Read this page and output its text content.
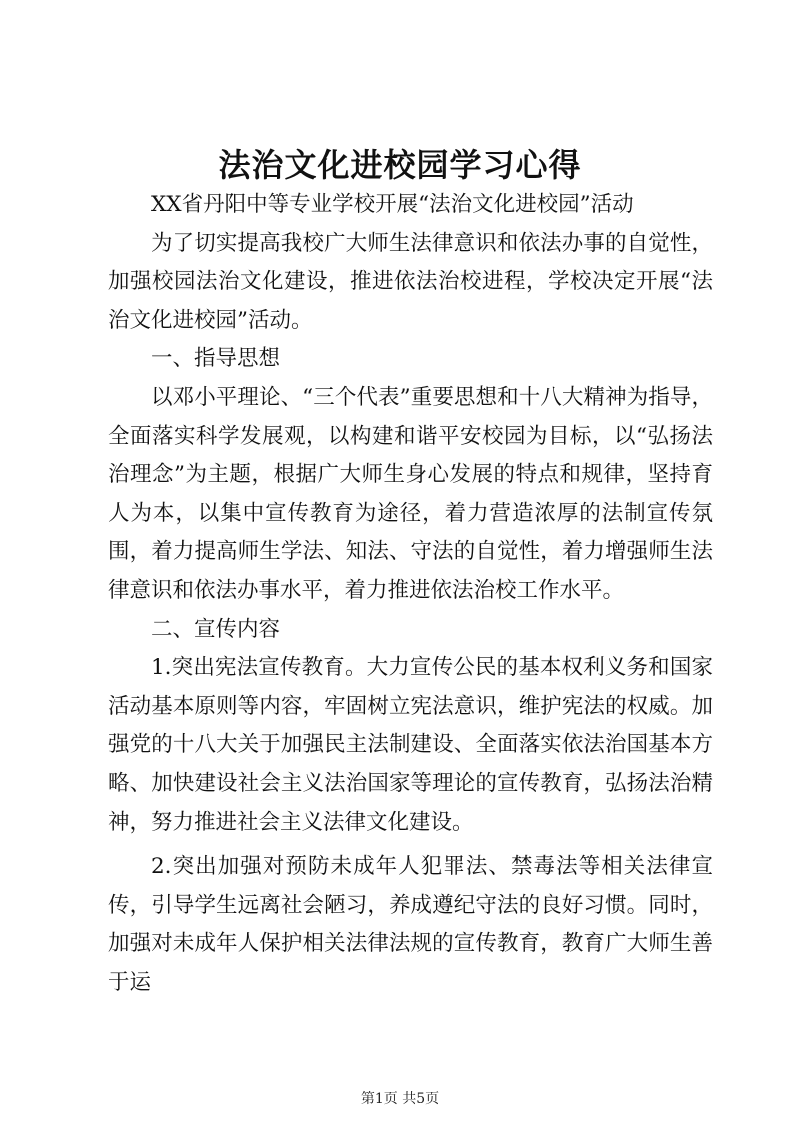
法治文化进校园学习心得

XX省丹阳中等专业学校开展“法治文化进校园”活动

为了切实提高我校广大师生法律意识和依法办事的自觉性，加强校园法治文化建设，推进依法治校进程，学校决定开展“法治文化进校园”活动。

一、指导思想

以邓小平理论、“三个代表”重要思想和十八大精神为指导，全面落实科学发展观，以构建和谐平安校园为目标，以“弘扬法治理念”为主题，根据广大师生身心发展的特点和规律，坚持育人为本，以集中宣传教育为途径，着力营造浓厚的法制宣传氛围，着力提高师生学法、知法、守法的自觉性，着力增强师生法律意识和依法办事水平，着力推进依法治校工作水平。

二、宣传内容

1.突出宪法宣传教育。大力宣传公民的基本权利义务和国家活动基本原则等内容，牢固树立宪法意识，维护宪法的权威。加强党的十八大关于加强民主法制建设、全面落实依法治国基本方略、加快建设社会主义法治国家等理论的宣传教育，弘扬法治精神，努力推进社会主义法律文化建设。

2.突出加强对预防未成年人犯罪法、禁毒法等相关法律宣传，引导学生远离社会陋习，养成遵纪守法的良好习惯。同时，加强对未成年人保护相关法律法规的宣传教育，教育广大师生善于运

第1页 共5页
